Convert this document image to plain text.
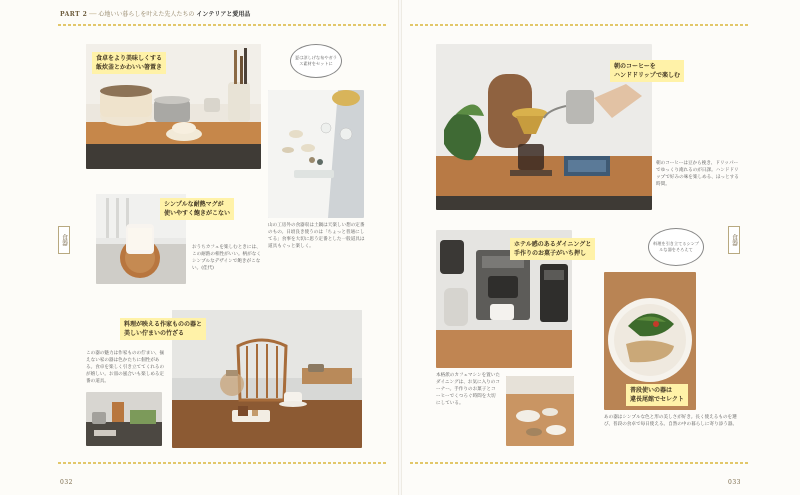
PART 2 ── 心地いい暮らしを叶えた先人たちの インテリアと愛用品
食卓をより美味しくする
飯炊釜とかわいい箸置き
夏は涼しげな布やガラス素材をセットに
山の工房外の食器収は土鍋は天楽しい想の定番のもの。日頃良き使うのは「ちょっと普通にしてる」食事を大切に思う定番とした一般道具は道具もぐっと楽しく。
シンプルな耐熱マグが
使いやすく飽きがこない
おうちカフェを楽しむときには、この耐熱の相性がいい。柄がなくシンプルなデザインで飽きがこない。(佳代)
食器
料理が映える作家ものの器と
美しい佇まいの竹ざる
この器の魅力は作家ものの佇まい、揃えない家の器は色かたちに個性がある。食卓を楽しく引き立ててくれるのが嬉しい。お皿の風合いも楽しめる定番の道具。
032
朝のコーヒーを
ハンドドリップで楽しむ
朝のコーヒーは豆から挽き、ドリッパーでゆっくり淹れるのが日課。ハンドドリップで好みの味を楽しめる、ほっとする時間。
食器
料理を引き立てるシンプルな器をそろえて
ホテル感のあるダイニングと
手作りのお菓子がいち押し
本格派のカフェマシンを置いたダイニングは、お気に入りのコーナー。手作りのお菓子とコーヒーでくつろぐ時間を大切にしている。
普段使いの器は
違長尾館でセレクト
あの器はシンプルな色と形の美しさが好き。長く使えるものを選び、普段の食卓で毎日使える。自然の中の暮らしに寄り添う器。
033
